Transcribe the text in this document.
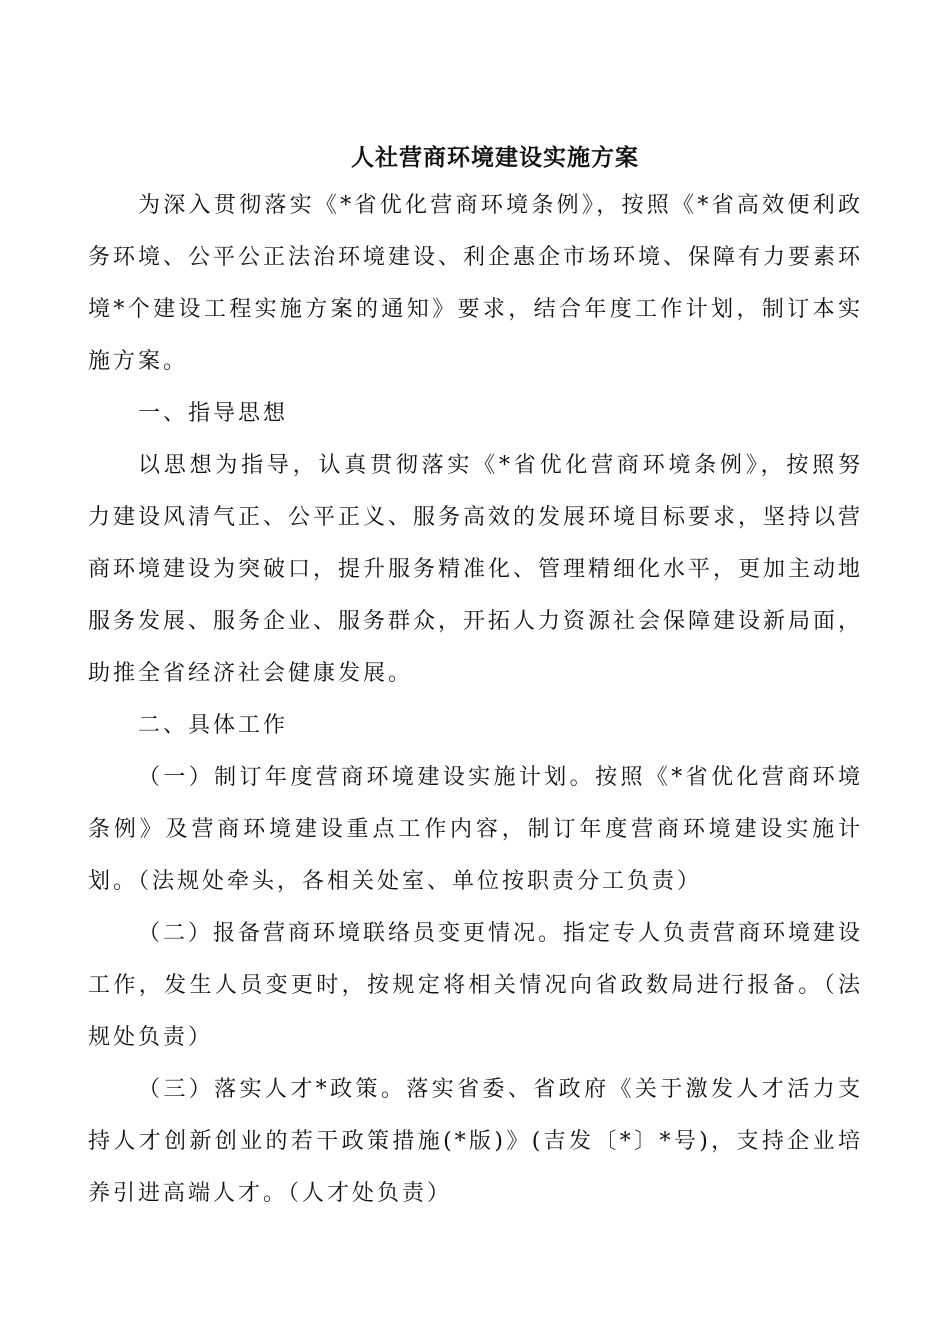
人社营商环境建设实施方案

为深入贯彻落实《*省优化营商环境条例》，按照《*省高效便利政务环境、公平公正法治环境建设、利企惠企市场环境、保障有力要素环境*个建设工程实施方案的通知》要求，结合年度工作计划，制订本实施方案。

一、指导思想

以思想为指导，认真贯彻落实《*省优化营商环境条例》，按照努力建设风清气正、公平正义、服务高效的发展环境目标要求，坚持以营商环境建设为突破口，提升服务精准化、管理精细化水平，更加主动地服务发展、服务企业、服务群众，开拓人力资源社会保障建设新局面，助推全省经济社会健康发展。

二、具体工作

（一）制订年度营商环境建设实施计划。按照《*省优化营商环境条例》及营商环境建设重点工作内容，制订年度营商环境建设实施计划。（法规处牵头，各相关处室、单位按职责分工负责）

（二）报备营商环境联络员变更情况。指定专人负责营商环境建设工作，发生人员变更时，按规定将相关情况向省政数局进行报备。（法规处负责）

（三）落实人才*政策。落实省委、省政府《关于激发人才活力支持人才创新创业的若干政策措施(*版)》(吉发〔*〕*号)，支持企业培养引进高端人才。（人才处负责）
